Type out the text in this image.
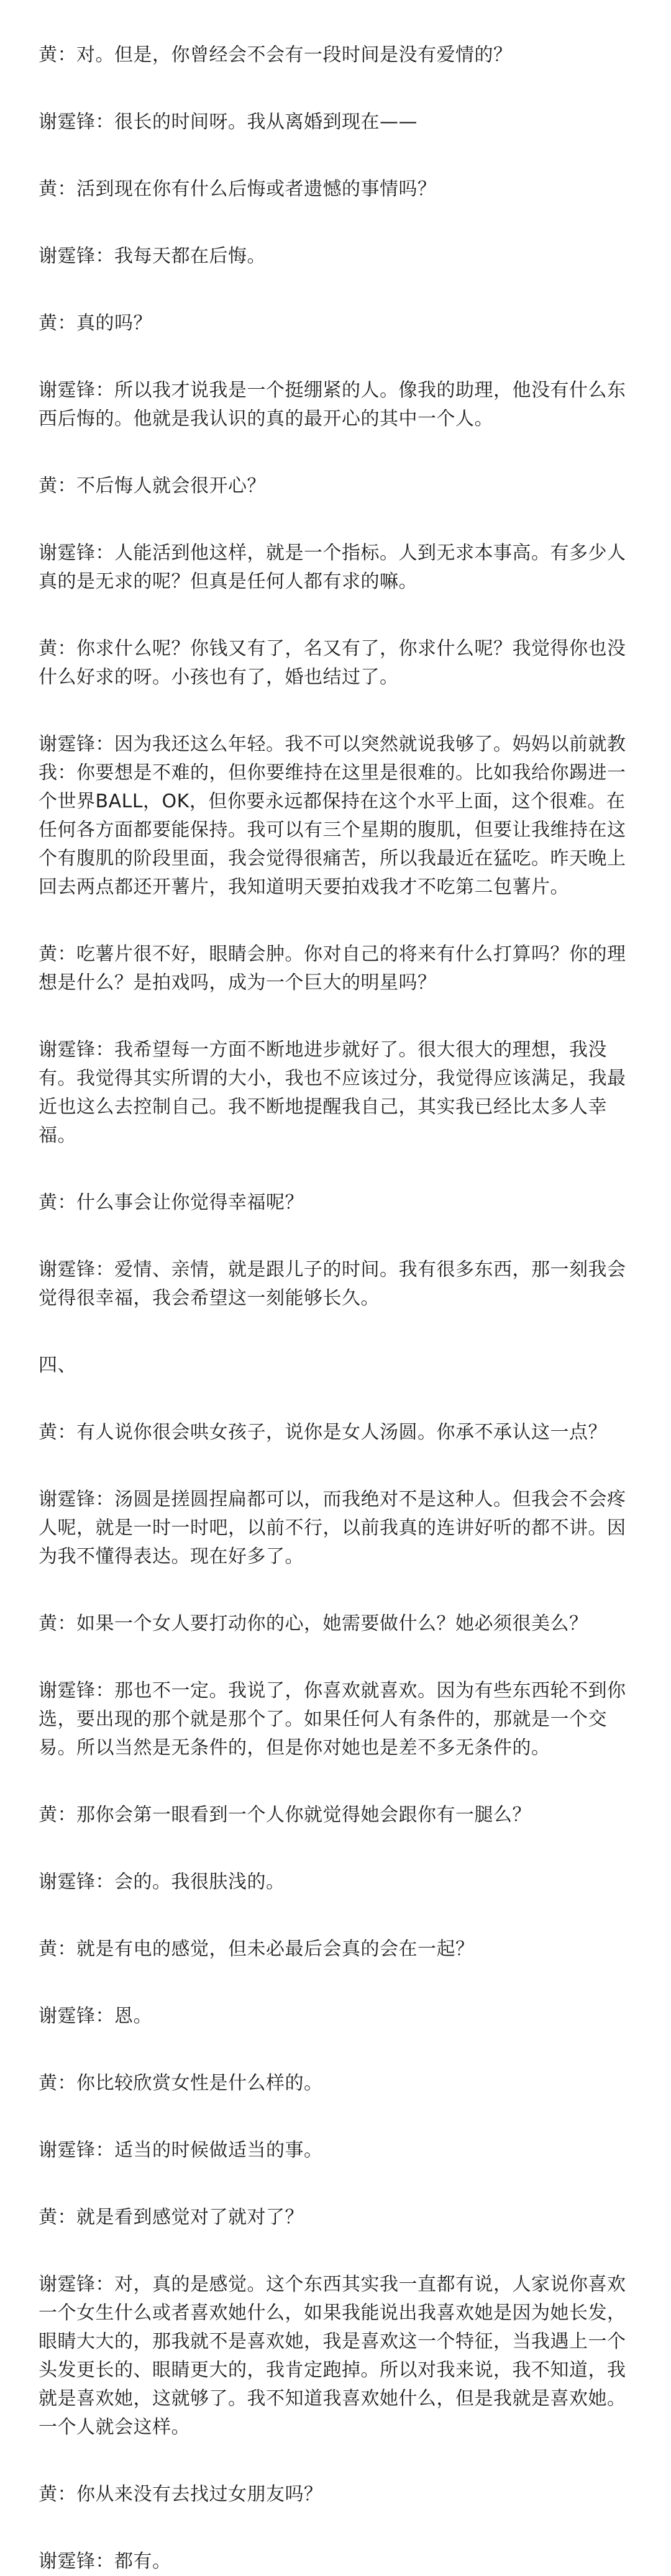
黄：对。但是，你曾经会不会有一段时间是没有爱情的？

谢霆锋：很长的时间呀。我从离婚到现在——

黄：活到现在你有什么后悔或者遗憾的事情吗？

谢霆锋：我每天都在后悔。

黄：真的吗？

谢霆锋：所以我才说我是一个挺绷紧的人。像我的助理，他没有什么东西后悔的。他就是我认识的真的最开心的其中一个人。

黄：不后悔人就会很开心？

谢霆锋：人能活到他这样，就是一个指标。人到无求本事高。有多少人真的是无求的呢？但真是任何人都有求的嘛。

黄：你求什么呢？你钱又有了，名又有了，你求什么呢？我觉得你也没什么好求的呀。小孩也有了，婚也结过了。

谢霆锋：因为我还这么年轻。我不可以突然就说我够了。妈妈以前就教我：你要想是不难的，但你要维持在这里是很难的。比如我给你踢进一个世界BALL，OK，但你要永远都保持在这个水平上面，这个很难。在任何各方面都要能保持。我可以有三个星期的腹肌，但要让我维持在这个有腹肌的阶段里面，我会觉得很痛苦，所以我最近在猛吃。昨天晚上回去两点都还开薯片，我知道明天要拍戏我才不吃第二包薯片。

黄：吃薯片很不好，眼睛会肿。你对自己的将来有什么打算吗？你的理想是什么？是拍戏吗，成为一个巨大的明星吗？

谢霆锋：我希望每一方面不断地进步就好了。很大很大的理想，我没有。我觉得其实所谓的大小，我也不应该过分，我觉得应该满足，我最近也这么去控制自己。我不断地提醒我自己，其实我已经比太多人幸福。

黄：什么事会让你觉得幸福呢？

谢霆锋：爱情、亲情，就是跟儿子的时间。我有很多东西，那一刻我会觉得很幸福，我会希望这一刻能够长久。

四、

黄：有人说你很会哄女孩子，说你是女人汤圆。你承不承认这一点？

谢霆锋：汤圆是搓圆捏扁都可以，而我绝对不是这种人。但我会不会疼人呢，就是一时一时吧，以前不行，以前我真的连讲好听的都不讲。因为我不懂得表达。现在好多了。

黄：如果一个女人要打动你的心，她需要做什么？她必须很美么？

谢霆锋：那也不一定。我说了，你喜欢就喜欢。因为有些东西轮不到你选，要出现的那个就是那个了。如果任何人有条件的，那就是一个交易。所以当然是无条件的，但是你对她也是差不多无条件的。

黄：那你会第一眼看到一个人你就觉得她会跟你有一腿么？

谢霆锋：会的。我很肤浅的。

黄：就是有电的感觉，但未必最后会真的会在一起？

谢霆锋：恩。

黄：你比较欣赏女性是什么样的。

谢霆锋：适当的时候做适当的事。

黄：就是看到感觉对了就对了？

谢霆锋：对，真的是感觉。这个东西其实我一直都有说，人家说你喜欢一个女生什么或者喜欢她什么，如果我能说出我喜欢她是因为她长发，眼睛大大的，那我就不是喜欢她，我是喜欢这一个特征，当我遇上一个头发更长的、眼睛更大的，我肯定跑掉。所以对我来说，我不知道，我就是喜欢她，这就够了。我不知道我喜欢她什么，但是我就是喜欢她。一个人就会这样。

黄：你从来没有去找过女朋友吗？

谢霆锋：都有。
